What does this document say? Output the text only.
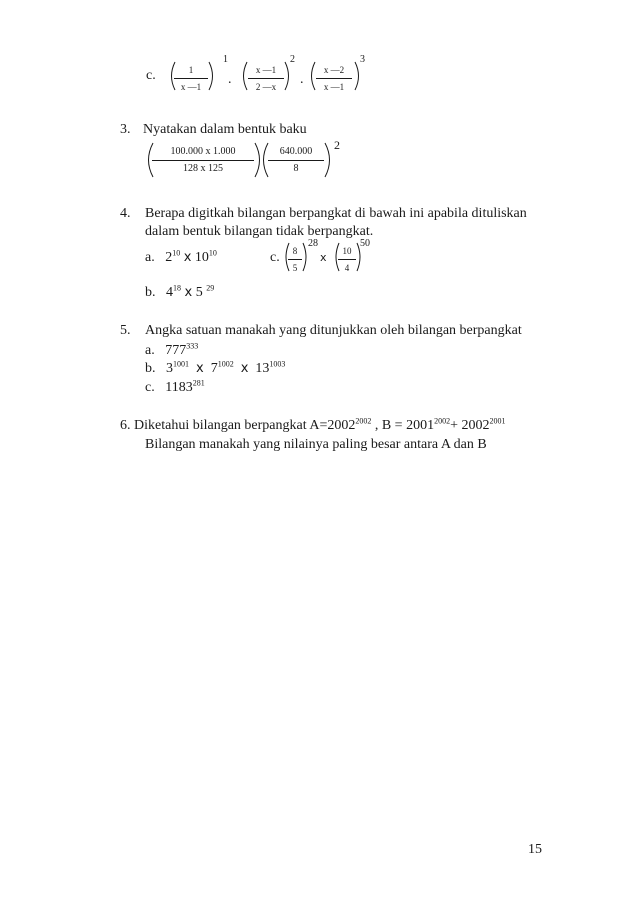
c.	1
x —1
1
.
x —1
2 —x
2
.
x —2
x —1
3
3. Nyatakan dalam bentuk baku
100.000 x 1.000
128 x 125
640.000
8
2
4. Berapa digitkah bilangan berpangkat di bawah ini apabila dituliskan
dalam bentuk bilangan tidak berpangkat.
a. $2^{10}$ x $10^{10}$	c.	8
5
28
x	10
4
50
b. $4^{18}$ x 5 $^{29}$
5. Angka satuan manakah yang ditunjukkan oleh bilangan berpangkat
a. $777^{333}$
b. $3^{1001}$ x $7^{1002}$ x $13^{1003}$
c. 1183$^{281}$
6. Diketahui bilangan berpangkat $A=2002^{2002}$ , $B = 2001^{2002}+ 2002^{2001}$
Bilangan manakah yang nilainya paling besar antara A dan B
15
